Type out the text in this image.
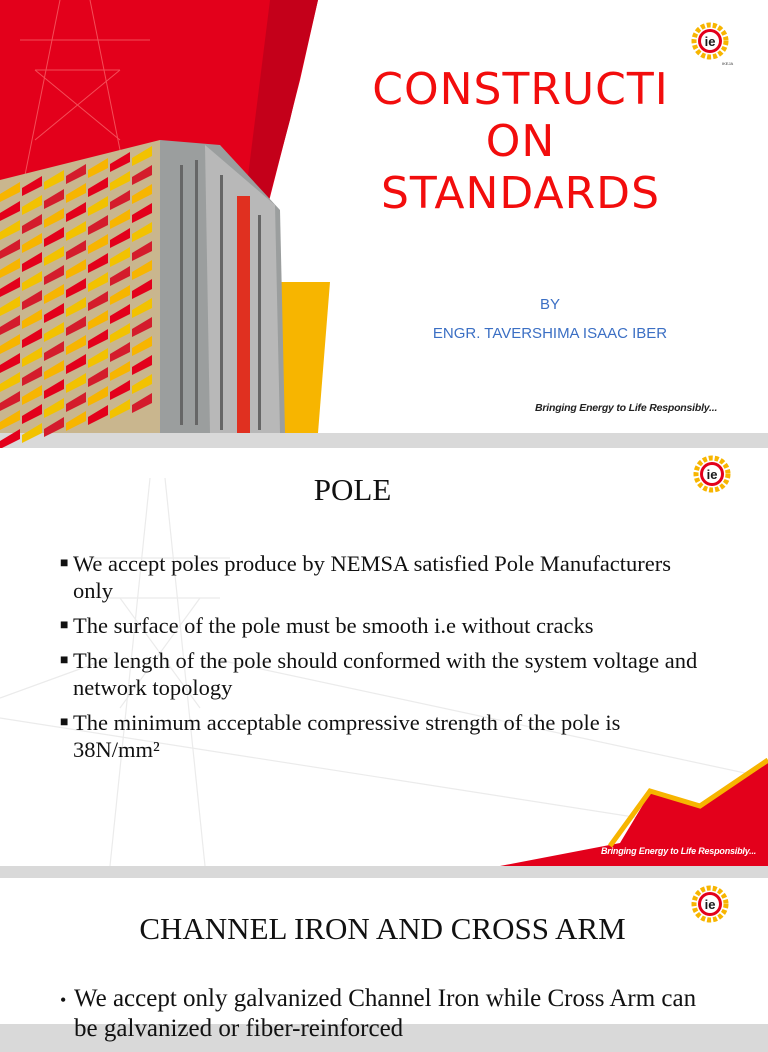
ie
IKEJA
CONSTRUCTI
ON
STANDARDS
BY
ENGR. TAVERSHIMA ISAAC IBER
Bringing Energy to Life Responsibly...
ie
POLE
■ We accept poles produce by NEMSA satisfied Pole Manufacturers only
■ The surface of the pole must be smooth i.e without cracks
■ The length of the pole should conformed with the system voltage and network topology
■ The minimum acceptable compressive strength of the pole is 38N/mm²
Bringing Energy to Life Responsibly...
ie
CHANNEL IRON AND CROSS ARM
• We accept only galvanized Channel Iron while Cross Arm can be galvanized or fiber-reinforced
